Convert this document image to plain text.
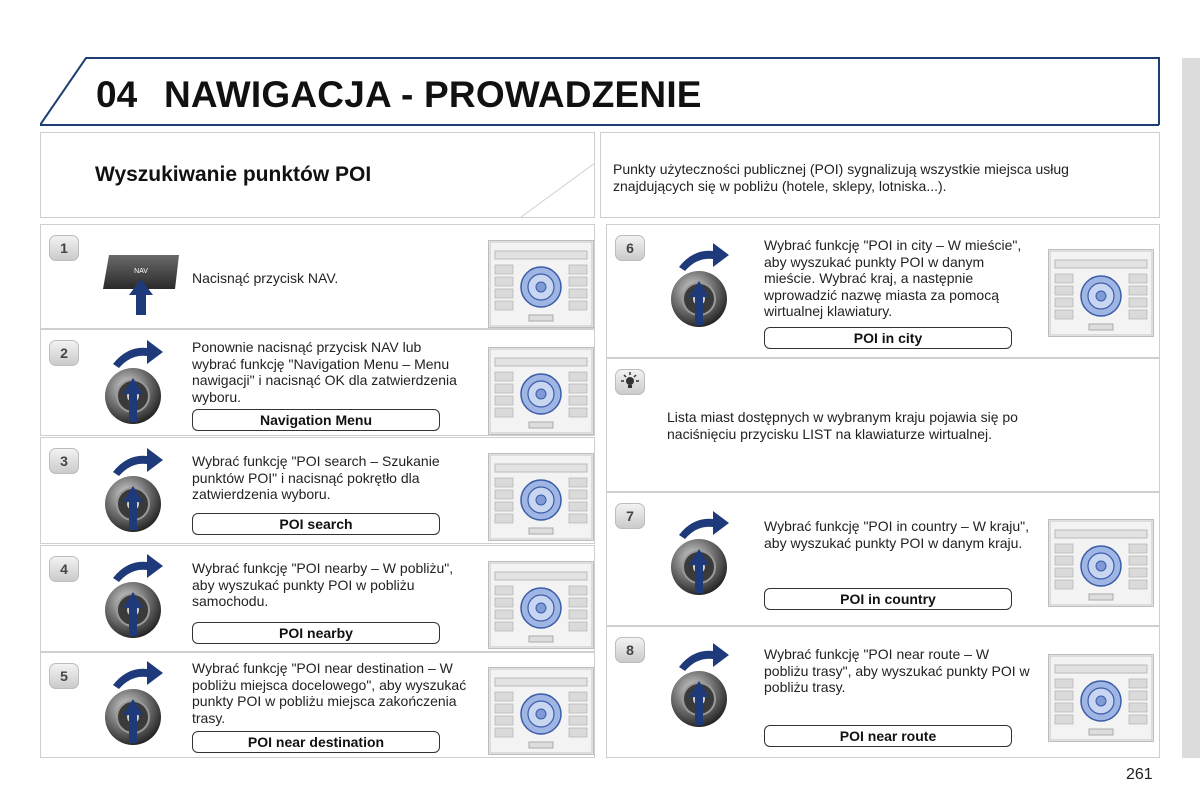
04 NAWIGACJA - PROWADZENIE
Wyszukiwanie punktów POI	Punkty użyteczności publicznej (POI) sygnalizują wszystkie miejsca usług znajdujących się w pobliżu (hotele, sklepy, lotniska...).
1
NAV	Nacisnąć przycisk NAV.
2	Ponownie nacisnąć przycisk NAV lub wybrać funkcję "Navigation Menu – Menu nawigacji" i nacisnąć OK dla zatwierdzenia wyboru.
Navigation Menu
3	Wybrać funkcję "POI search – Szukanie punktów POI" i nacisnąć pokrętło dla zatwierdzenia wyboru.
POI search
4	Wybrać funkcję "POI nearby – W pobliżu", aby wyszukać punkty POI w pobliżu samochodu.
POI nearby
5	Wybrać funkcję "POI near destination – W pobliżu miejsca docelowego", aby wyszukać punkty POI w pobliżu miejsca zakończenia trasy.
POI near destination
6	Wybrać funkcję "POI in city – W mieście", aby wyszukać punkty POI w danym mieście. Wybrać kraj, a następnie wprowadzić nazwę miasta za pomocą wirtualnej klawiatury.
POI in city
Lista miast dostępnych w wybranym kraju pojawia się po naciśnięciu przycisku LIST na klawiaturze wirtualnej.
7
Wybrać funkcję "POI in country – W kraju", aby wyszukać punkty POI w danym kraju.
POI in country
8	Wybrać funkcję "POI near route – W pobliżu trasy", aby wyszukać punkty POI w pobliżu trasy.
POI near route
261
